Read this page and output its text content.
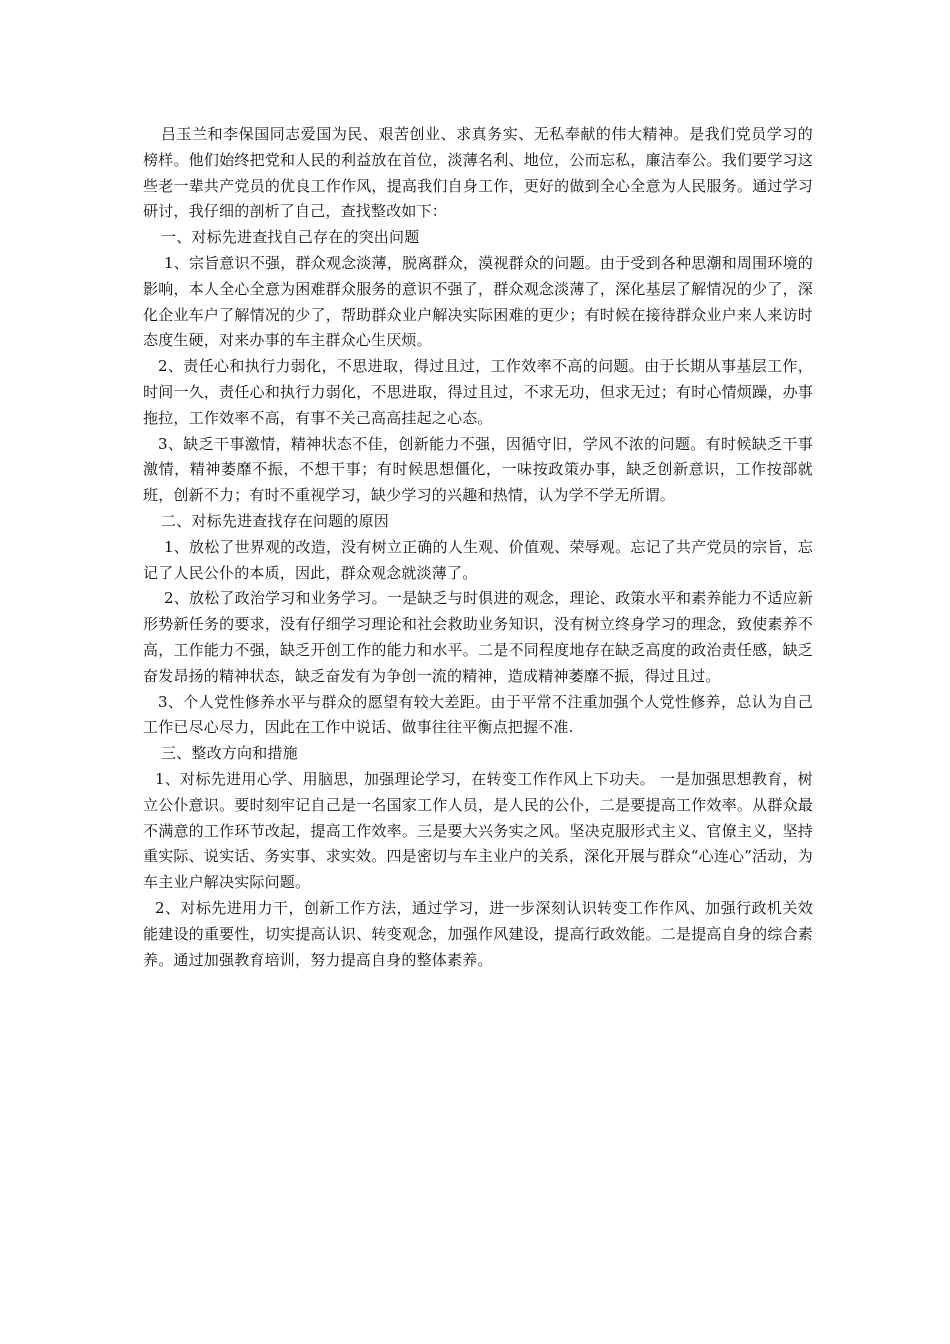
吕玉兰和李保国同志爱国为民、艰苦创业、求真务实、无私奉献的伟大精神。是我们党员学习的榜样。他们始终把党和人民的利益放在首位，淡薄名利、地位，公而忘私，廉洁奉公。我们要学习这些老一辈共产党员的优良工作作风，提高我们自身工作，更好的做到全心全意为人民服务。通过学习研讨，我仔细的剖析了自己，查找整改如下：

一、对标先进查找自己存在的突出问题

1、宗旨意识不强，群众观念淡薄，脱离群众，漠视群众的问题。由于受到各种思潮和周围环境的影响，本人全心全意为困难群众服务的意识不强了，群众观念淡薄了，深化基层了解情况的少了，深化企业车户了解情况的少了，帮助群众业户解决实际困难的更少；有时候在接待群众业户来人来访时态度生硬，对来办事的车主群众心生厌烦。

2、责任心和执行力弱化，不思进取，得过且过，工作效率不高的问题。由于长期从事基层工作，时间一久，责任心和执行力弱化，不思进取，得过且过，不求无功，但求无过；有时心情烦躁，办事拖拉，工作效率不高，有事不关己高高挂起之心态。

3、缺乏干事激情，精神状态不佳，创新能力不强，因循守旧，学风不浓的问题。有时候缺乏干事激情，精神萎靡不振，不想干事；有时候思想僵化，一味按政策办事，缺乏创新意识，工作按部就班，创新不力；有时不重视学习，缺少学习的兴趣和热情，认为学不学无所谓。

二、对标先进查找存在问题的原因

1、放松了世界观的改造，没有树立正确的人生观、价值观、荣辱观。忘记了共产党员的宗旨，忘记了人民公仆的本质，因此，群众观念就淡薄了。

2、放松了政治学习和业务学习。一是缺乏与时俱进的观念，理论、政策水平和素养能力不适应新形势新任务的要求，没有仔细学习理论和社会救助业务知识，没有树立终身学习的理念，致使素养不高，工作能力不强，缺乏开创工作的能力和水平。二是不同程度地存在缺乏高度的政治责任感，缺乏奋发昂扬的精神状态，缺乏奋发有为争创一流的精神，造成精神萎靡不振，得过且过。

3、个人党性修养水平与群众的愿望有较大差距。由于平常不注重加强个人党性修养，总认为自己工作已尽心尽力，因此在工作中说话、做事往往平衡点把握不准.

三、整改方向和措施

1、对标先进用心学、用脑思，加强理论学习，在转变工作作风上下功夫。 一是加强思想教育，树立公仆意识。要时刻牢记自己是一名国家工作人员，是人民的公仆，二是要提高工作效率。从群众最不满意的工作环节改起，提高工作效率。三是要大兴务实之风。坚决克服形式主义、官僚主义，坚持重实际、说实话、务实事、求实效。四是密切与车主业户的关系，深化开展与群众“心连心”活动，为车主业户解决实际问题。

2、对标先进用力干，创新工作方法，通过学习，进一步深刻认识转变工作作风、加强行政机关效能建设的重要性，切实提高认识、转变观念，加强作风建设，提高行政效能。二是提高自身的综合素养。通过加强教育培训，努力提高自身的整体素养。
